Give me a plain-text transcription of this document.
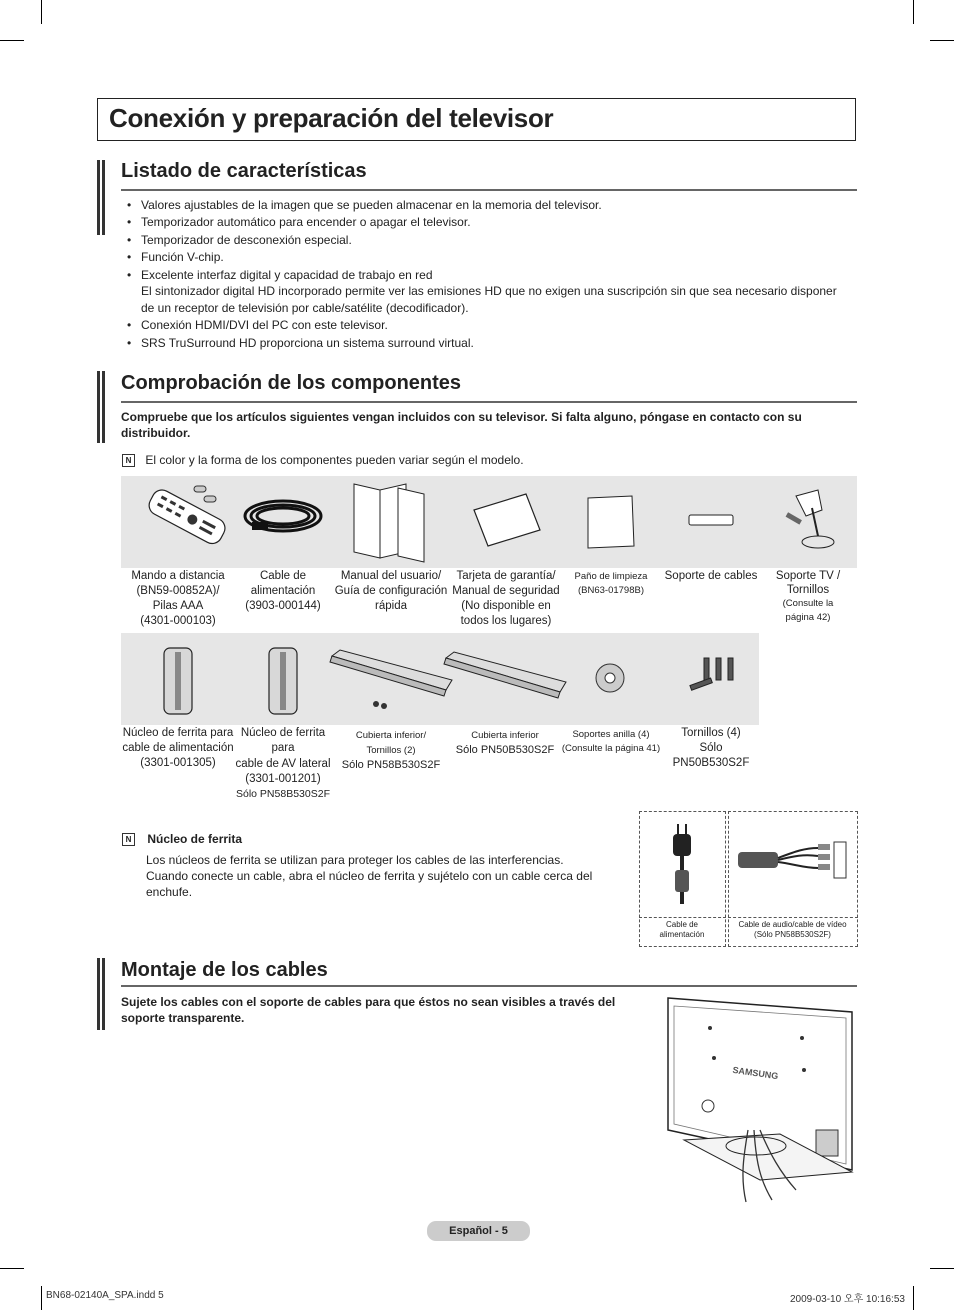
Conexión y preparación del televisor
Listado de características
• Valores ajustables de la imagen que se pueden almacenar en la memoria del televisor.
• Temporizador automático para encender o apagar el televisor.
• Temporizador de desconexión especial.
• Función V-chip.
• Excelente interfaz digital y capacidad de trabajo en red
El sintonizador digital HD incorporado permite ver las emisiones HD que no exigen una suscripción sin que sea necesario disponer de un receptor de televisión por cable/satélite (decodificador).
• Conexión HDMI/DVI del PC con este televisor.
• SRS TruSurround HD proporciona un sistema surround virtual.
Comprobación de los componentes
Compruebe que los artículos siguientes vengan incluidos con su televisor. Si falta alguno, póngase en contacto con su distribuidor.
N El color y la forma de los componentes pueden variar según el modelo.
Mando a distancia
(BN59-00852A)/
Pilas AAA
(4301-000103)
Cable de
alimentación
(3903-000144)
Manual del usuario/
Guía de configuración
rápida
Tarjeta de garantía/
Manual de seguridad
(No disponible en
todos los lugares)
Paño de limpieza
(BN63-01798B)
Soporte de cables	Soporte TV /
Tornillos
(Consulte la
página 42)
Núcleo de ferrita para
cable de alimentación
(3301-001305)
Núcleo de ferrita
para
cable de AV lateral
(3301-001201)
Sólo PN58B530S2F
Cubierta inferior/
Tornillos (2)
Sólo PN58B530S2F
Cubierta inferior
Sólo PN50B530S2F
Soportes anilla (4)
(Consulte la página 41)
Tornillos (4)
Sólo
PN50B530S2F
N Núcleo de ferrita
Los núcleos de ferrita se utilizan para proteger los cables de las interferencias.
Cuando conecte un cable, abra el núcleo de ferrita y sujételo con un cable cerca del enchufe.
Cable de
alimentación
Cable de audio/cable de vídeo
(Sólo PN58B530S2F)
Montaje de los cables
Sujete los cables con el soporte de cables para que éstos no sean visibles a través del soporte transparente.
SAMSUNG
Español - 5
BN68-02140A_SPA.indd 5	2009-03-10 오후 10:16:53
